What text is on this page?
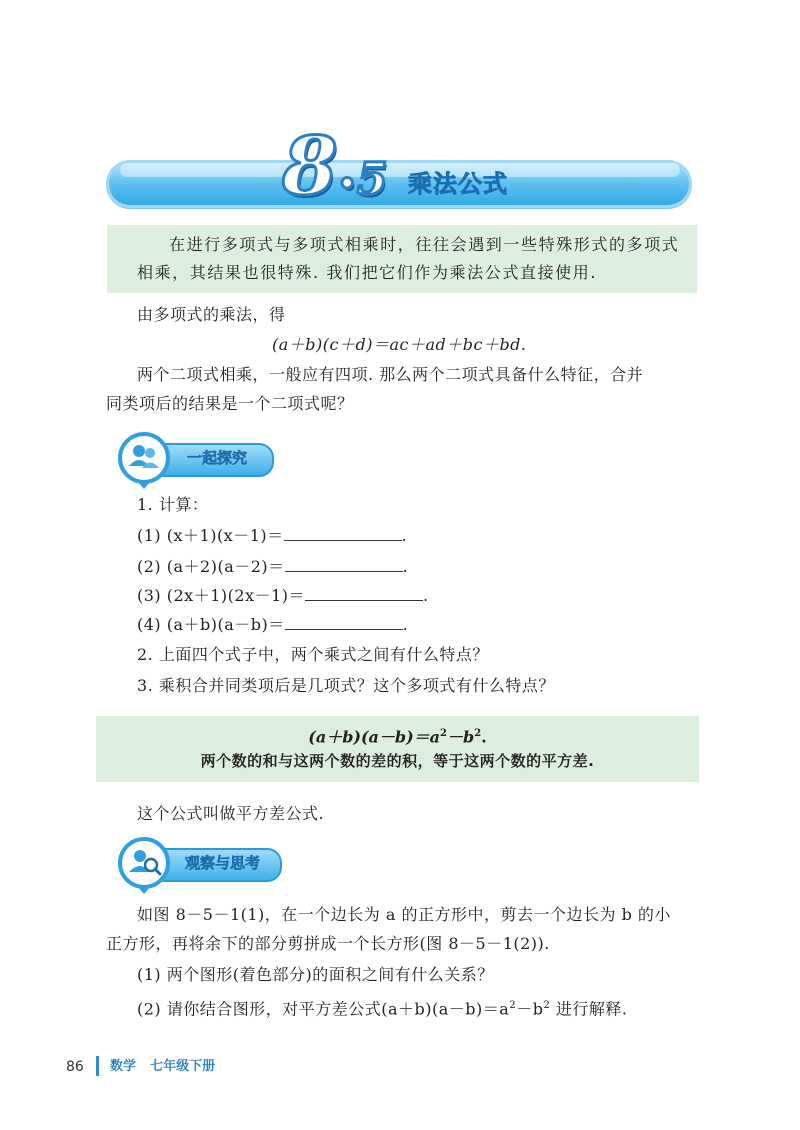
8•5 乘法公式
在进行多项式与多项式相乘时，往往会遇到一些特殊形式的多项式相乘，其结果也很特殊. 我们把它们作为乘法公式直接使用.
由多项式的乘法，得
(a＋b)(c＋d)＝ac＋ad＋bc＋bd.
两个二项式相乘，一般应有四项. 那么两个二项式具备什么特征，合并
同类项后的结果是一个二项式呢？
一起探究
1. 计算：
(1) (x＋1)(x－1)＝	.
(2) (a＋2)(a－2)＝	.
(3) (2x＋1)(2x－1)＝	.
(4) (a＋b)(a－b)＝	.
2. 上面四个式子中，两个乘式之间有什么特点？
3. 乘积合并同类项后是几项式？这个多项式有什么特点？
$(a+b)(a-b)=a^2-b^2$.
两个数的和与这两个数的差的积，等于这两个数的平方差.
这个公式叫做平方差公式.
观察与思考
如图 8－5－1(1)，在一个边长为 a 的正方形中，剪去一个边长为 b 的小
正方形，再将余下的部分剪拼成一个长方形(图 8－5－1(2)).
(1) 两个图形(着色部分)的面积之间有什么关系？
(2) 请你结合图形，对平方差公式$(a+b)(a-b)=a^2-b^2$ 进行解释.
86 数学 七年级下册
